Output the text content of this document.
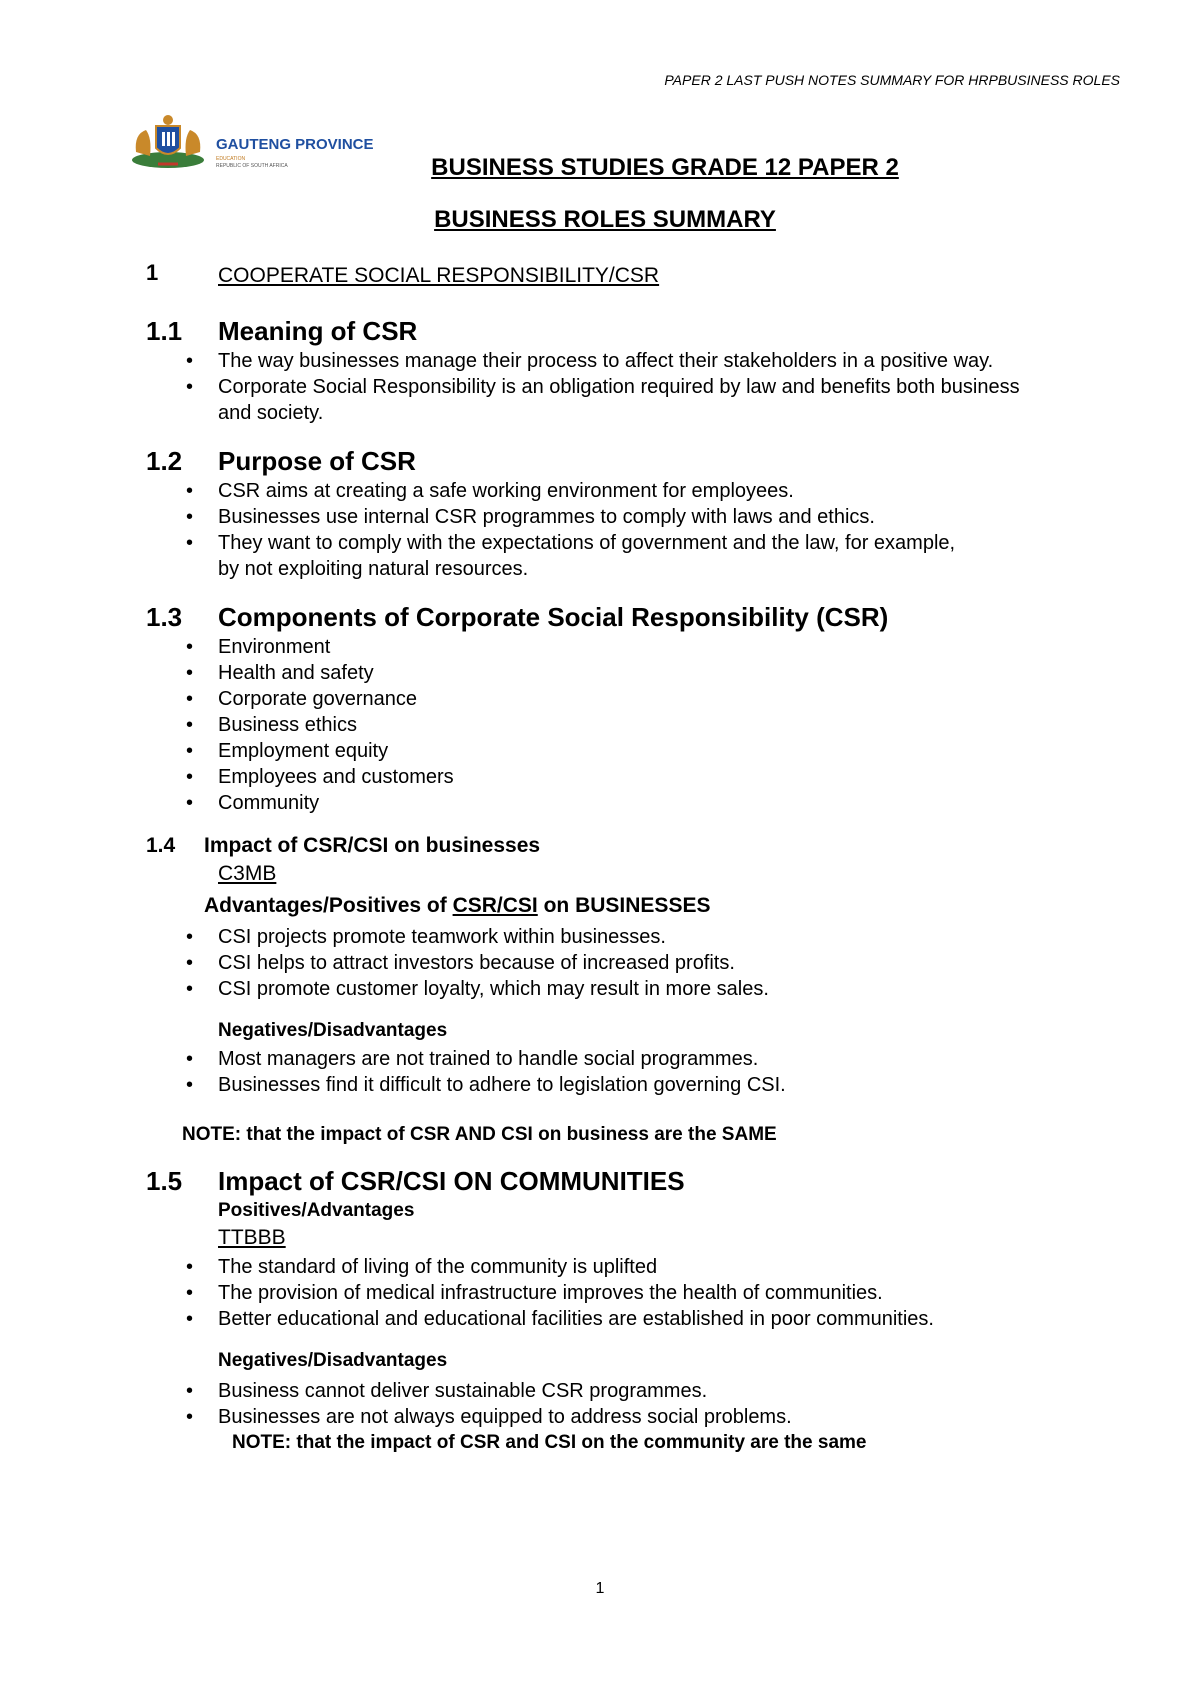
PAPER 2 LAST PUSH NOTES SUMMARY FOR HRPBUSINESS ROLES
GAUTENG PROVINCE
EDUCATION
REPUBLIC OF SOUTH AFRICA	BUSINESS STUDIES GRADE 12 PAPER 2
BUSINESS ROLES SUMMARY
1	COOPERATE SOCIAL RESPONSIBILITY/CSR
1.1 Meaning of CSR
• The way businesses manage their process to affect their stakeholders in a positive way.
• Corporate Social Responsibility is an obligation required by law and benefits both business and society.
1.2 Purpose of CSR
• CSR aims at creating a safe working environment for employees.
• Businesses use internal CSR programmes to comply with laws and ethics.
• They want to comply with the expectations of government and the law, for example, by not exploiting natural resources.
1.3 Components of Corporate Social Responsibility (CSR)
• Environment
• Health and safety
• Corporate governance
• Business ethics
• Employment equity
• Employees and customers
• Community
1.4 Impact of CSR/CSI on businesses
C3MB
Advantages/Positives of CSR/CSI on BUSINESSES
• CSI projects promote teamwork within businesses.
• CSI helps to attract investors because of increased profits.
• CSI promote customer loyalty, which may result in more sales.
Negatives/Disadvantages
• Most managers are not trained to handle social programmes.
• Businesses find it difficult to adhere to legislation governing CSI.
NOTE: that the impact of CSR AND CSI on business are the SAME
1.5 Impact of CSR/CSI ON COMMUNITIES
Positives/Advantages
TTBBB
• The standard of living of the community is uplifted
• The provision of medical infrastructure improves the health of communities.
• Better educational and educational facilities are established in poor communities.
Negatives/Disadvantages
• Business cannot deliver sustainable CSR programmes.
• Businesses are not always equipped to address social problems.
NOTE: that the impact of CSR and CSI on the community are the same
1
